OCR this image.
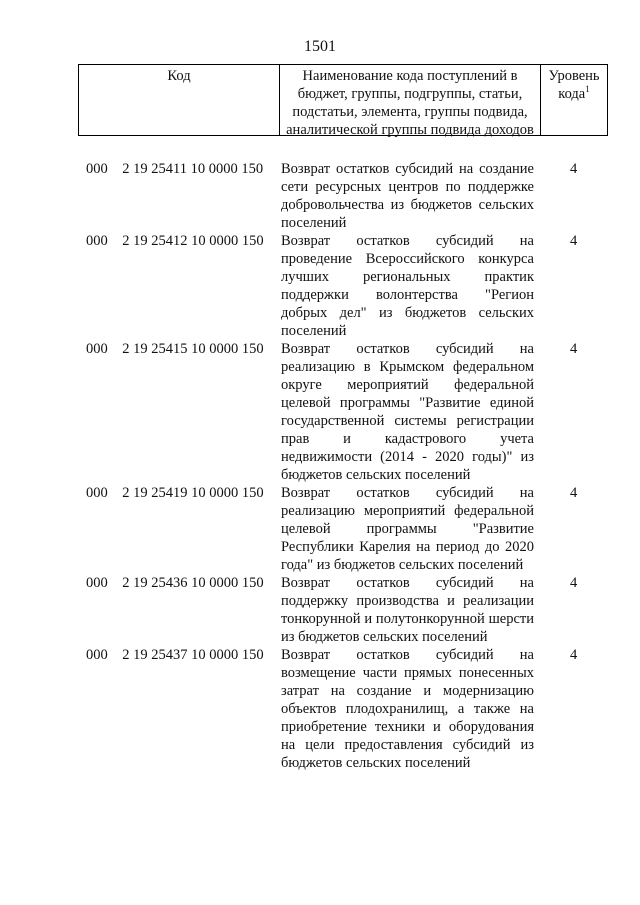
1501
Код	Наименование кода поступлений в бюджет, группы, подгруппы, статьи, подстатьи, элемента, группы подвида, аналитической группы подвида доходов
Уровень кода$^1$
000 2 19 25411 10 0000 150 Возврат остатков субсидий на создание сети ресурсных центров по поддержке добровольчества из бюджетов сельских поселений
4
000 2 19 25412 10 0000 150 Возврат остатков субсидий на проведение Всероссийского конкурса лучших региональных практик поддержки волонтерства "Регион добрых дел" из бюджетов сельских поселений
4
000 2 19 25415 10 0000 150 Возврат остатков субсидий на реализацию в Крымском федеральном округе мероприятий федеральной целевой программы "Развитие единой государственной системы регистрации прав и кадастрового учета недвижимости (2014 - 2020 годы)" из бюджетов сельских поселений
4
000 2 19 25419 10 0000 150 Возврат остатков субсидий на реализацию мероприятий федеральной целевой программы "Развитие Республики Карелия на период до 2020 года" из бюджетов сельских поселений
4
000 2 19 25436 10 0000 150 Возврат остатков субсидий на поддержку производства и реализации тонкорунной и полутонкорунной шерсти из бюджетов сельских поселений
4
000 2 19 25437 10 0000 150 Возврат остатков субсидий на возмещение части прямых понесенных затрат на создание и модернизацию объектов плодохранилищ, а также на приобретение техники и оборудования на цели предоставления субсидий из бюджетов сельских поселений
4
